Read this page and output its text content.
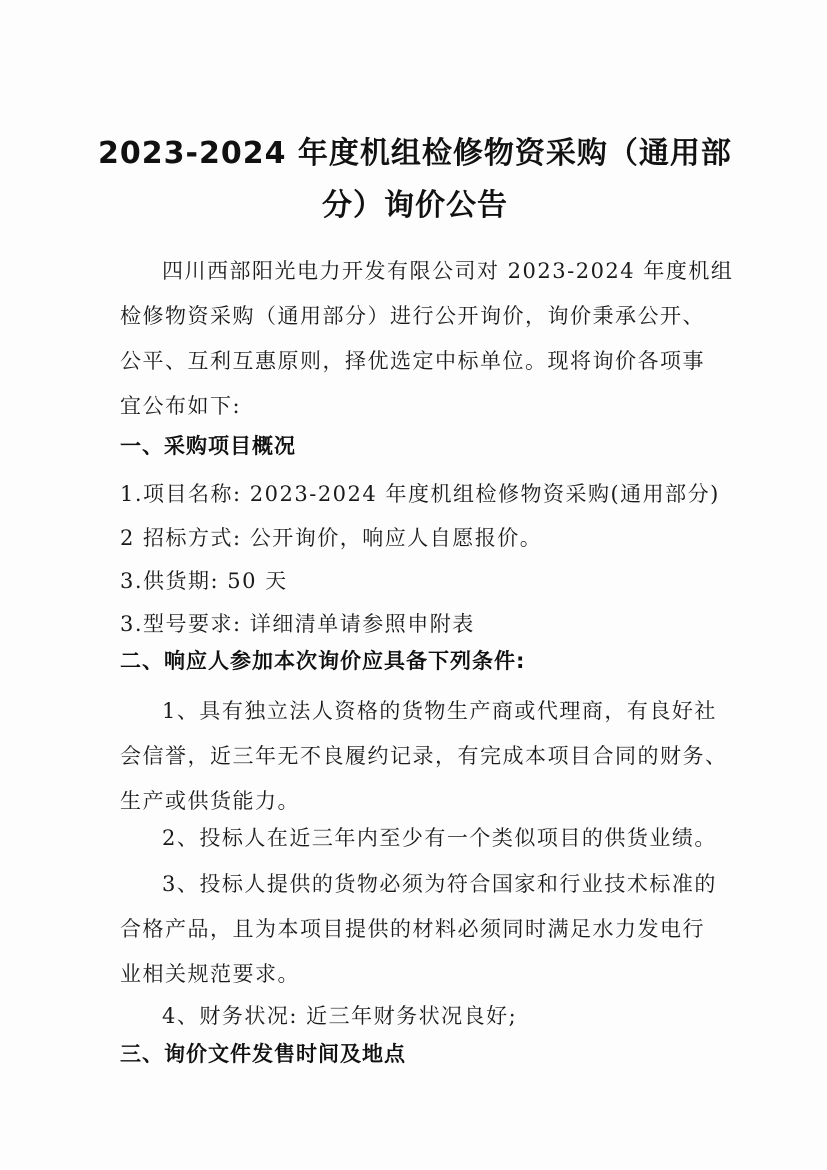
2023-2024 年度机组检修物资采购（通用部
分）询价公告
四川西部阳光电力开发有限公司对 2023-2024 年度机组
检修物资采购（通用部分）进行公开询价，询价秉承公开、
公平、互利互惠原则，择优选定中标单位。现将询价各项事
宜公布如下:
一、采购项目概况
1.项目名称: 2023-2024 年度机组检修物资采购(通用部分)
2 招标方式: 公开询价，响应人自愿报价。
3.供货期: 50 天
3.型号要求: 详细清单请参照申附表
二、响应人参加本次询价应具备下列条件:
1、具有独立法人资格的货物生产商或代理商，有良好社
会信誉，近三年无不良履约记录，有完成本项目合同的财务、
生产或供货能力。
2、投标人在近三年内至少有一个类似项目的供货业绩。
3、投标人提供的货物必须为符合国家和行业技术标准的
合格产品，且为本项目提供的材料必须同时满足水力发电行
业相关规范要求。
4、财务状况: 近三年财务状况良好;
三、询价文件发售时间及地点
